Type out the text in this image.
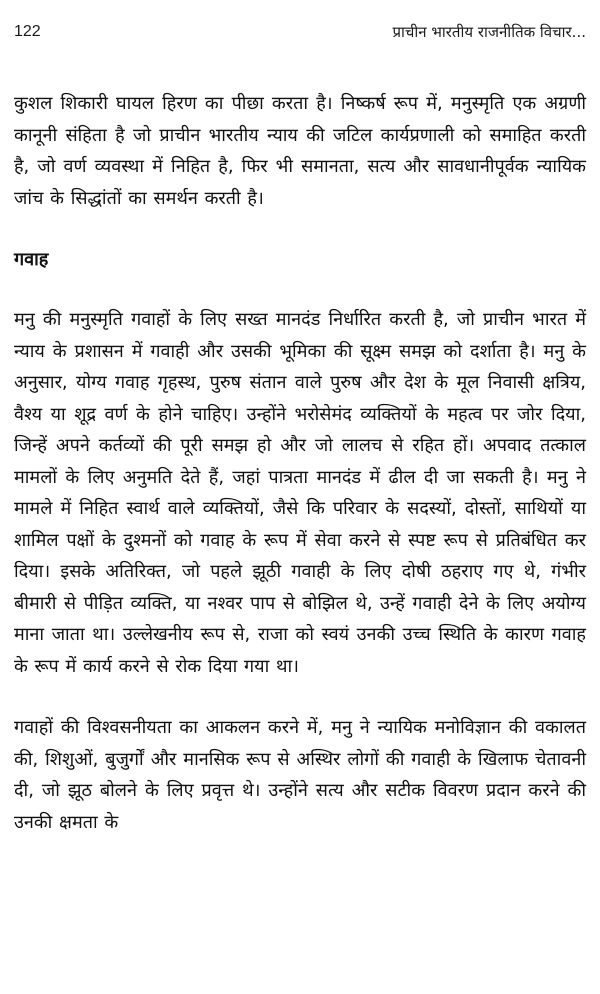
122	प्राचीन भारतीय राजनीतिक विचार...

कुशल शिकारी घायल हिरण का पीछा करता है। निष्कर्ष रूप में, मनुस्मृति एक अग्रणी कानूनी संहिता है जो प्राचीन भारतीय न्याय की जटिल कार्यप्रणाली को समाहित करती है, जो वर्ण व्यवस्था में निहित है, फिर भी समानता, सत्य और सावधानीपूर्वक न्यायिक जांच के सिद्धांतों का समर्थन करती है।

गवाह

मनु की मनुस्मृति गवाहों के लिए सख्त मानदंड निर्धारित करती है, जो प्राचीन भारत में न्याय के प्रशासन में गवाही और उसकी भूमिका की सूक्ष्म समझ को दर्शाता है। मनु के अनुसार, योग्य गवाह गृहस्थ, पुरुष संतान वाले पुरुष और देश के मूल निवासी क्षत्रिय, वैश्य या शूद्र वर्ण के होने चाहिए। उन्होंने भरोसेमंद व्यक्तियों के महत्व पर जोर दिया, जिन्हें अपने कर्तव्यों की पूरी समझ हो और जो लालच से रहित हों। अपवाद तत्काल मामलों के लिए अनुमति देते हैं, जहां पात्रता मानदंड में ढील दी जा सकती है। मनु ने मामले में निहित स्वार्थ वाले व्यक्तियों, जैसे कि परिवार के सदस्यों, दोस्तों, साथियों या शामिल पक्षों के दुश्मनों को गवाह के रूप में सेवा करने से स्पष्ट रूप से प्रतिबंधित कर दिया। इसके अतिरिक्त, जो पहले झूठी गवाही के लिए दोषी ठहराए गए थे, गंभीर बीमारी से पीड़ित व्यक्ति, या नश्वर पाप से बोझिल थे, उन्हें गवाही देने के लिए अयोग्य माना जाता था। उल्लेखनीय रूप से, राजा को स्वयं उनकी उच्च स्थिति के कारण गवाह के रूप में कार्य करने से रोक दिया गया था।

गवाहों की विश्वसनीयता का आकलन करने में, मनु ने न्यायिक मनोविज्ञान की वकालत की, शिशुओं, बुजुर्गों और मानसिक रूप से अस्थिर लोगों की गवाही के खिलाफ चेतावनी दी, जो झूठ बोलने के लिए प्रवृत्त थे। उन्होंने सत्य और सटीक विवरण प्रदान करने की उनकी क्षमता के
